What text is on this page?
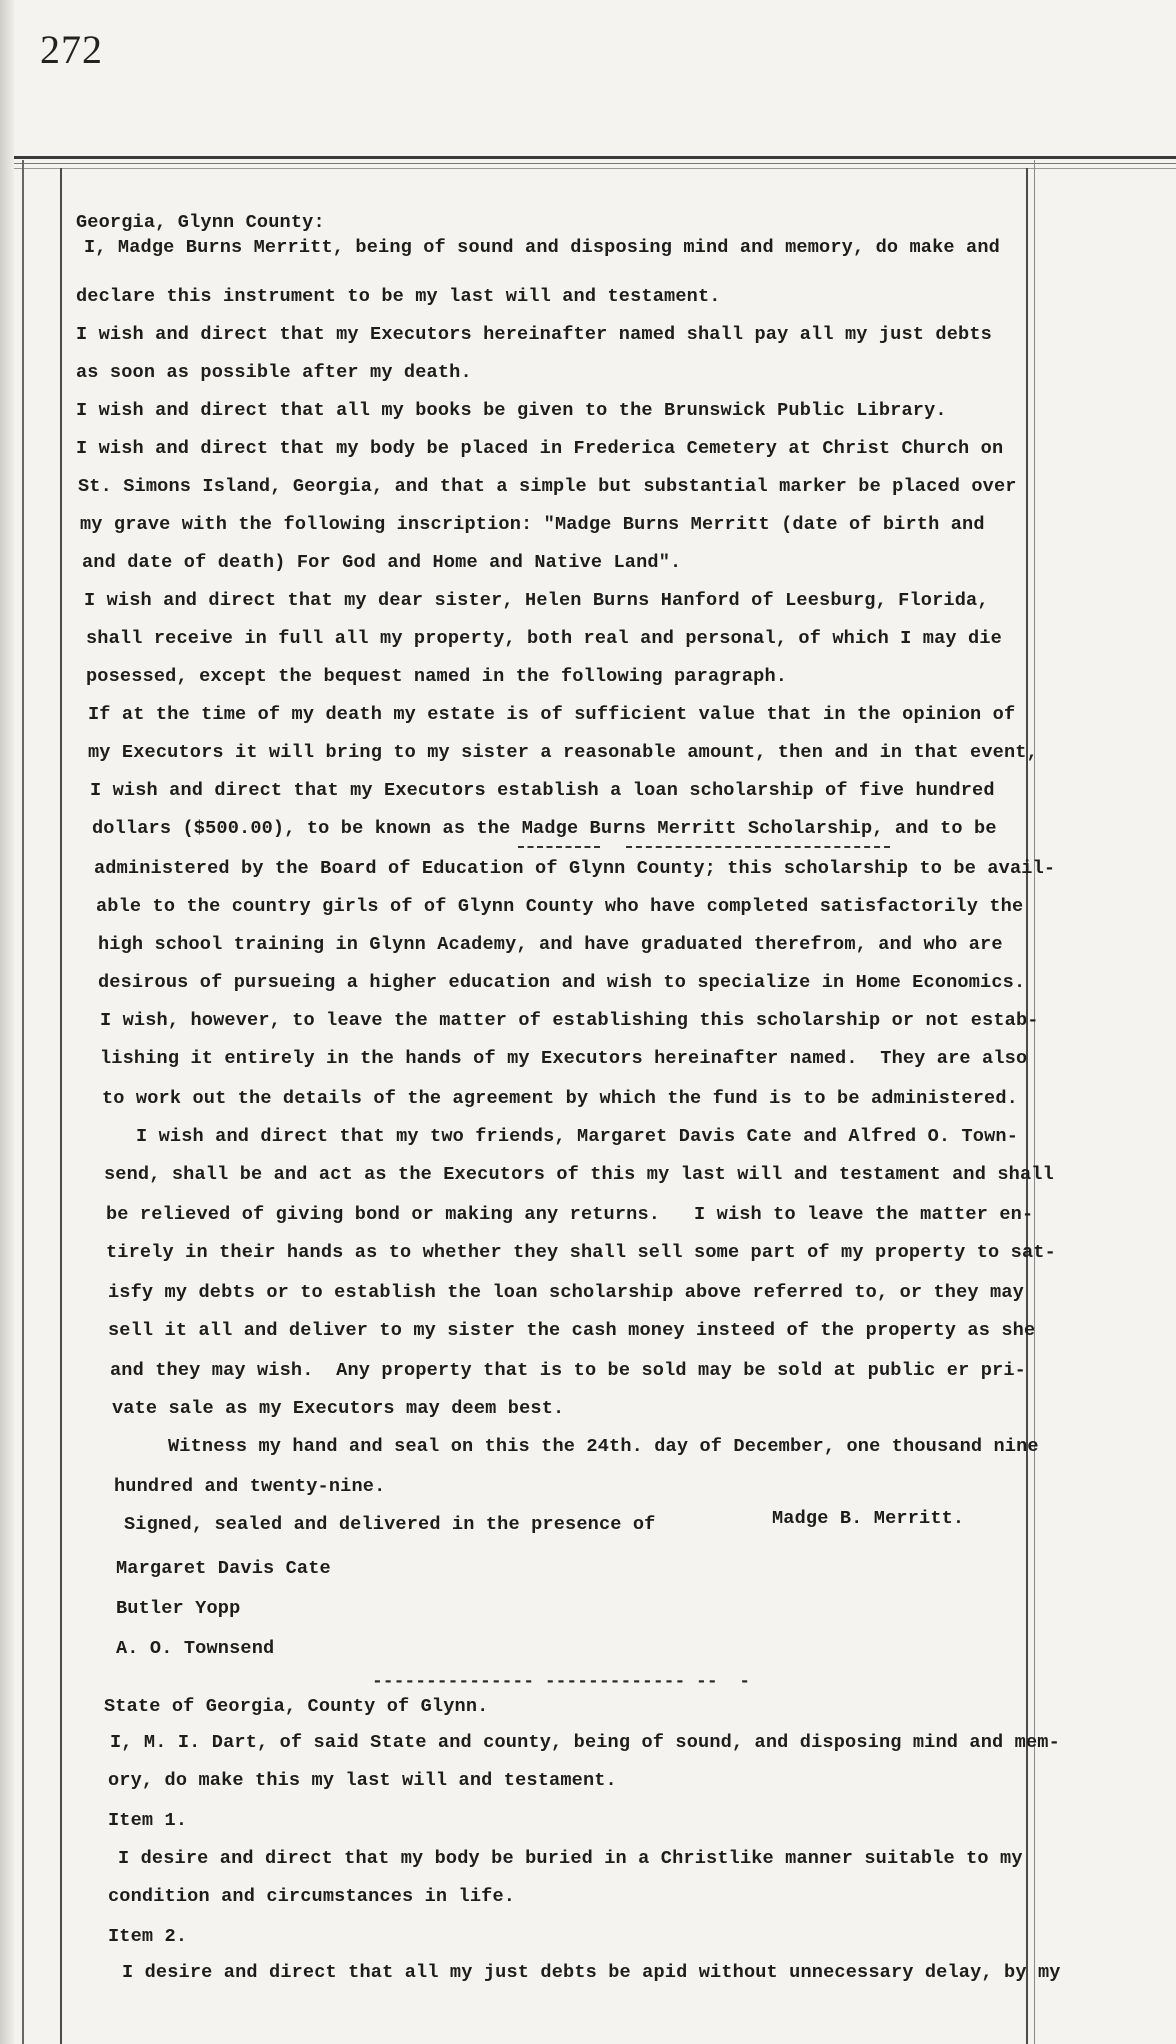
272
Georgia, Glynn County:
I, Madge Burns Merritt, being of sound and disposing mind and memory, do make and
declare this instrument to be my last will and testament.
I wish and direct that my Executors hereinafter named shall pay all my just debts
as soon as possible after my death.
I wish and direct that all my books be given to the Brunswick Public Library.
I wish and direct that my body be placed in Frederica Cemetery at Christ Church on
St. Simons Island, Georgia, and that a simple but substantial marker be placed over
my grave with the following inscription: "Madge Burns Merritt (date of birth and
and date of death) For God and Home and Native Land".
I wish and direct that my dear sister, Helen Burns Hanford of Leesburg, Florida,
shall receive in full all my property, both real and personal, of which I may die
posessed, except the bequest named in the following paragraph.
If at the time of my death my estate is of sufficient value that in the opinion of
my Executors it will bring to my sister a reasonable amount, then and in that event,
I wish and direct that my Executors establish a loan scholarship of five hundred
dollars ($500.00), to be known as the Madge Burns Merritt Scholarship, and to be
administered by the Board of Education of Glynn County; this scholarship to be avail-
able to the country girls of of Glynn County who have completed satisfactorily the
high school training in Glynn Academy, and have graduated therefrom, and who are
desirous of pursueing a higher education and wish to specialize in Home Economics.
I wish, however, to leave the matter of establishing this scholarship or not estab-
lishing it entirely in the hands of my Executors hereinafter named.  They are also
to work out the details of the agreement by which the fund is to be administered.
I wish and direct that my two friends, Margaret Davis Cate and Alfred O. Town-
send, shall be and act as the Executors of this my last will and testament and shall
be relieved of giving bond or making any returns.   I wish to leave the matter en-
tirely in their hands as to whether they shall sell some part of my property to sat-
isfy my debts or to establish the loan scholarship above referred to, or they may
sell it all and deliver to my sister the cash money insteed of the property as she
and they may wish.  Any property that is to be sold may be sold at public er pri-
vate sale as my Executors may deem best.
Witness my hand and seal on this the 24th. day of December, one thousand nine
hundred and twenty-nine.
Signed, sealed and delivered in the presence of	Madge B. Merritt.
Margaret Davis Cate
Butler Yopp
A. O. Townsend
--------------- ------------- --  -
State of Georgia, County of Glynn.
I, M. I. Dart, of said State and county, being of sound, and disposing mind and mem-
ory, do make this my last will and testament.
Item 1.
I desire and direct that my body be buried in a Christlike manner suitable to my
condition and circumstances in life.
Item 2.
I desire and direct that all my just debts be apid without unnecessary delay, by my
